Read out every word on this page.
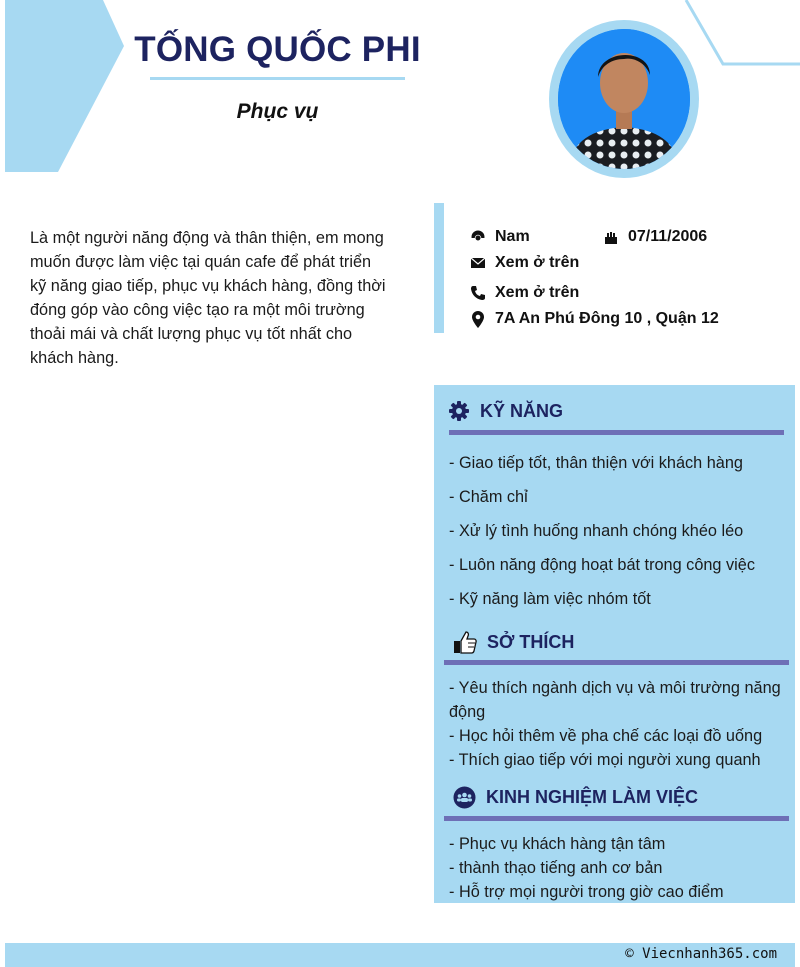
TỐNG QUỐC PHI
Phục vụ
Là một người năng động và thân thiện, em mong
muốn được làm việc tại quán cafe để phát triển
kỹ năng giao tiếp, phục vụ khách hàng, đồng thời
đóng góp vào công việc tạo ra một môi trường
thoải mái và chất lượng phục vụ tốt nhất cho
khách hàng.
Nam	07/11/2006
Xem ở trên
Xem ở trên
7A An Phú Đông 10 , Quận 12
KỸ NĂNG
- Giao tiếp tốt, thân thiện với khách hàng
- Chăm chỉ
- Xử lý tình huống nhanh chóng khéo léo
- Luôn năng động hoạt bát trong công việc
- Kỹ năng làm việc nhóm tốt
SỞ THÍCH
- Yêu thích ngành dịch vụ và môi trường năng động
- Học hỏi thêm về pha chế các loại đồ uống
- Thích giao tiếp với mọi người xung quanh
KINH NGHIỆM LÀM VIỆC
- Phục vụ khách hàng tận tâm
- thành thạo tiếng anh cơ bản
- Hỗ trợ mọi người trong giờ cao điểm
© Viecnhanh365.com
